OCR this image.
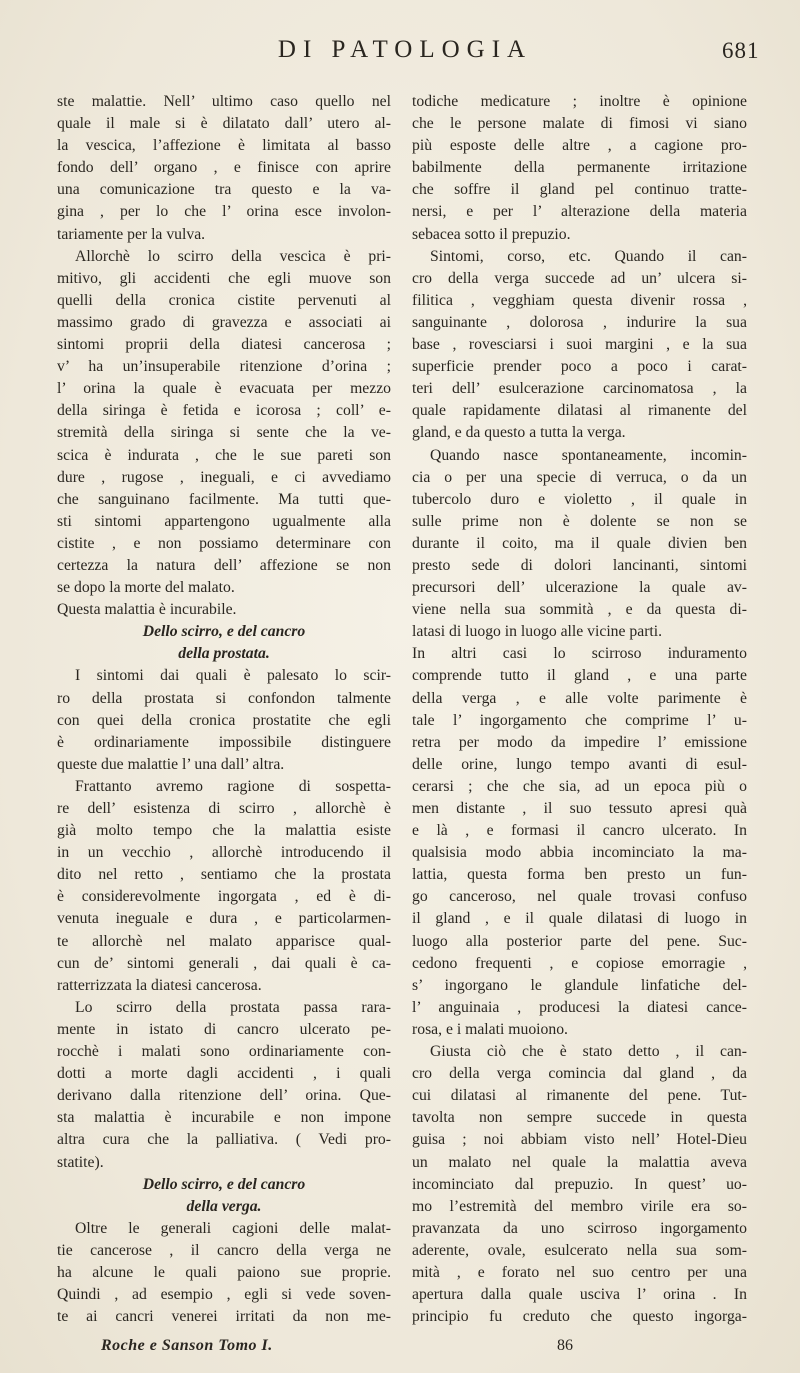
DI PATOLOGIA	681
ste malattie. Nell’ ultimo caso quello nel
quale il male si è dilatato dall’ utero al-
la vescica, l’affezione è limitata al basso
fondo dell’ organo , e finisce con aprire
una comunicazione tra questo e la va-
gina , per lo che l’ orina esce involon-
tariamente per la vulva.
Allorchè lo scirro della vescica è pri-
mitivo, gli accidenti che egli muove son
quelli della cronica cistite pervenuti al
massimo grado di gravezza e associati ai
sintomi proprii della diatesi cancerosa ;
v’ ha un’insuperabile ritenzione d’orina ;
l’ orina la quale è evacuata per mezzo
della siringa è fetida e icorosa ; coll’ e-
stremità della siringa si sente che la ve-
scica è indurata , che le sue pareti son
dure , rugose , ineguali, e ci avvediamo
che sanguinano facilmente. Ma tutti que-
sti sintomi appartengono ugualmente alla
cistite , e non possiamo determinare con
certezza la natura dell’ affezione se non
se dopo la morte del malato.
Questa malattia è incurabile.
Dello scirro, e del cancro
della prostata.
I sintomi dai quali è palesato lo scir-
ro della prostata si confondon talmente
con quei della cronica prostatite che egli
è ordinariamente impossibile distinguere
queste due malattie l’ una dall’ altra.
Frattanto avremo ragione di sospetta-
re dell’ esistenza di scirro , allorchè è
già molto tempo che la malattia esiste
in un vecchio , allorchè introducendo il
dito nel retto , sentiamo che la prostata
è considerevolmente ingorgata , ed è di-
venuta ineguale e dura , e particolarmen-
te allorchè nel malato apparisce qual-
cun de’ sintomi generali , dai quali è ca-
ratterrizzata la diatesi cancerosa.
Lo scirro della prostata passa rara-
mente in istato di cancro ulcerato pe-
rocchè i malati sono ordinariamente con-
dotti a morte dagli accidenti , i quali
derivano dalla ritenzione dell’ orina. Que-
sta malattia è incurabile e non impone
altra cura che la palliativa. ( Vedi pro-
statite).
Dello scirro, e del cancro
della verga.
Oltre le generali cagioni delle malat-
tie cancerose , il cancro della verga ne
ha alcune le quali paiono sue proprie.
Quindi , ad esempio , egli si vede soven-
te ai cancri venerei irritati da non me-
todiche medicature ; inoltre è opinione
che le persone malate di fimosi vi siano
più esposte delle altre , a cagione pro-
babilmente della permanente irritazione
che soffre il gland pel continuo tratte-
nersi, e per l’ alterazione della materia
sebacea sotto il prepuzio.
Sintomi, corso, etc. Quando il can-
cro della verga succede ad un’ ulcera si-
filitica , vegghiam questa divenir rossa ,
sanguinante , dolorosa , indurire la sua
base , rovesciarsi i suoi margini , e la sua
superficie prender poco a poco i carat-
teri dell’ esulcerazione carcinomatosa , la
quale rapidamente dilatasi al rimanente del
gland, e da questo a tutta la verga.
Quando nasce spontaneamente, incomin-
cia o per una specie di verruca, o da un
tubercolo duro e violetto , il quale in
sulle prime non è dolente se non se
durante il coito, ma il quale divien ben
presto sede di dolori lancinanti, sintomi
precursori dell’ ulcerazione la quale av-
viene nella sua sommità , e da questa di-
latasi di luogo in luogo alle vicine parti.
In altri casi lo scirroso induramento
comprende tutto il gland , e una parte
della verga , e alle volte parimente è
tale l’ ingorgamento che comprime l’ u-
retra per modo da impedire l’ emissione
delle orine, lungo tempo avanti di esul-
cerarsi ; che che sia, ad un epoca più o
men distante , il suo tessuto apresi quà
e là , e formasi il cancro ulcerato. In
qualsisia modo abbia incominciato la ma-
lattia, questa forma ben presto un fun-
go canceroso, nel quale trovasi confuso
il gland , e il quale dilatasi di luogo in
luogo alla posterior parte del pene. Suc-
cedono frequenti , e copiose emorragie ,
s’ ingorgano le glandule linfatiche del-
l’ anguinaia , producesi la diatesi cance-
rosa, e i malati muoiono.
Giusta ciò che è stato detto , il can-
cro della verga comincia dal gland , da
cui dilatasi al rimanente del pene. Tut-
tavolta non sempre succede in questa
guisa ; noi abbiam visto nell’ Hotel-Dieu
un malato nel quale la malattia aveva
incominciato dal prepuzio. In quest’ uo-
mo l’estremità del membro virile era so-
pravanzata da uno scirroso ingorgamento
aderente, ovale, esulcerato nella sua som-
mità , e forato nel suo centro per una
apertura dalla quale usciva l’ orina . In
principio fu creduto che questo ingorga-
Roche e Sanson Tomo I.	86
